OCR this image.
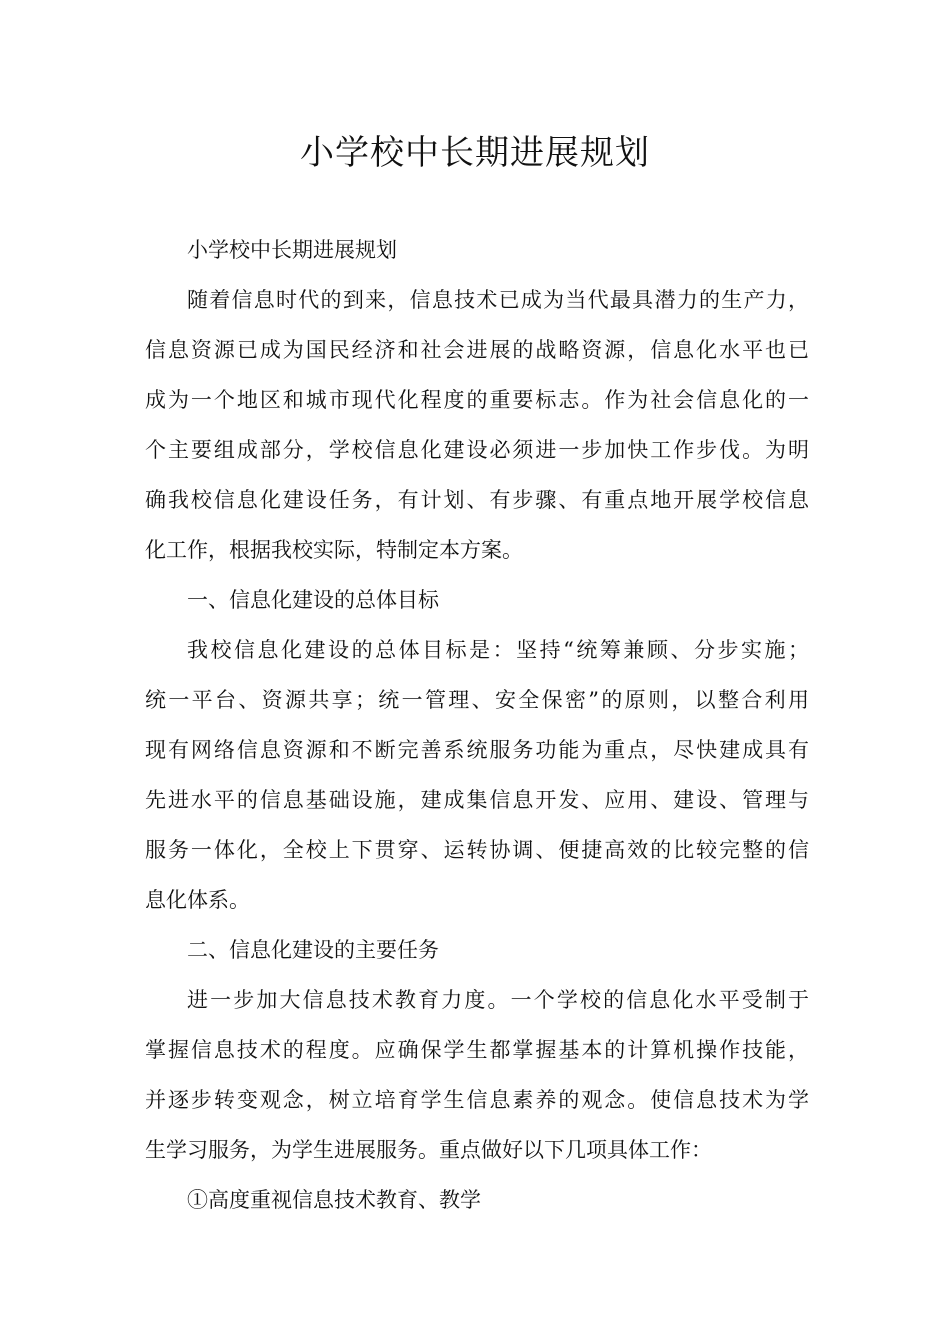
小学校中长期进展规划
小学校中长期进展规划
随着信息时代的到来，信息技术已成为当代最具潜力的生产力，
信息资源已成为国民经济和社会进展的战略资源，信息化水平也已
成为一个地区和城市现代化程度的重要标志。作为社会信息化的一
个主要组成部分，学校信息化建设必须进一步加快工作步伐。为明
确我校信息化建设任务，有计划、有步骤、有重点地开展学校信息
化工作，根据我校实际，特制定本方案。
一、信息化建设的总体目标
我校信息化建设的总体目标是：坚持“统筹兼顾、分步实施；
统一平台、资源共享；统一管理、安全保密”的原则，以整合利用
现有网络信息资源和不断完善系统服务功能为重点，尽快建成具有
先进水平的信息基础设施，建成集信息开发、应用、建设、管理与
服务一体化，全校上下贯穿、运转协调、便捷高效的比较完整的信
息化体系。
二、信息化建设的主要任务
进一步加大信息技术教育力度。一个学校的信息化水平受制于
掌握信息技术的程度。应确保学生都掌握基本的计算机操作技能，
并逐步转变观念，树立培育学生信息素养的观念。使信息技术为学
生学习服务，为学生进展服务。重点做好以下几项具体工作：
①高度重视信息技术教育、教学
